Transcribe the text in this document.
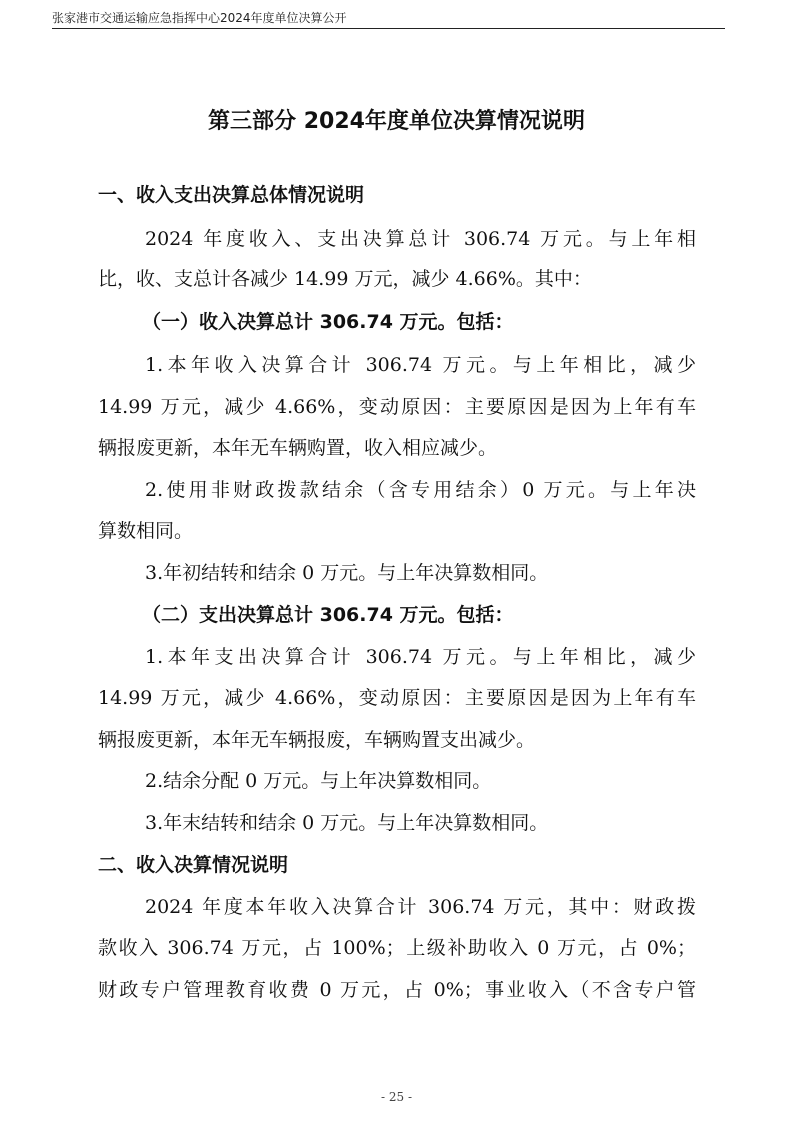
张家港市交通运输应急指挥中心2024年度单位决算公开
第三部分 2024年度单位决算情况说明
一、收入支出决算总体情况说明
2024 年度收入、支出决算总计 306.74 万元。与上年相
比，收、支总计各减少 14.99 万元，减少 4.66%。其中：
（一）收入决算总计 306.74 万元。包括：
1.本年收入决算合计 306.74 万元。与上年相比，减少
14.99 万元，减少 4.66%，变动原因：主要原因是因为上年有车
辆报废更新，本年无车辆购置，收入相应减少。
2.使用非财政拨款结余（含专用结余）0 万元。与上年决
算数相同。
3.年初结转和结余 0 万元。与上年决算数相同。
（二）支出决算总计 306.74 万元。包括：
1.本年支出决算合计 306.74 万元。与上年相比，减少
14.99 万元，减少 4.66%，变动原因：主要原因是因为上年有车
辆报废更新，本年无车辆报废，车辆购置支出减少。
2.结余分配 0 万元。与上年决算数相同。
3.年末结转和结余 0 万元。与上年决算数相同。
二、收入决算情况说明
2024 年度本年收入决算合计 306.74 万元，其中：财政拨
款收入 306.74 万元，占 100%；上级补助收入 0 万元，占 0%；
财政专户管理教育收费 0 万元，占 0%；事业收入（不含专户管
- 25 -
